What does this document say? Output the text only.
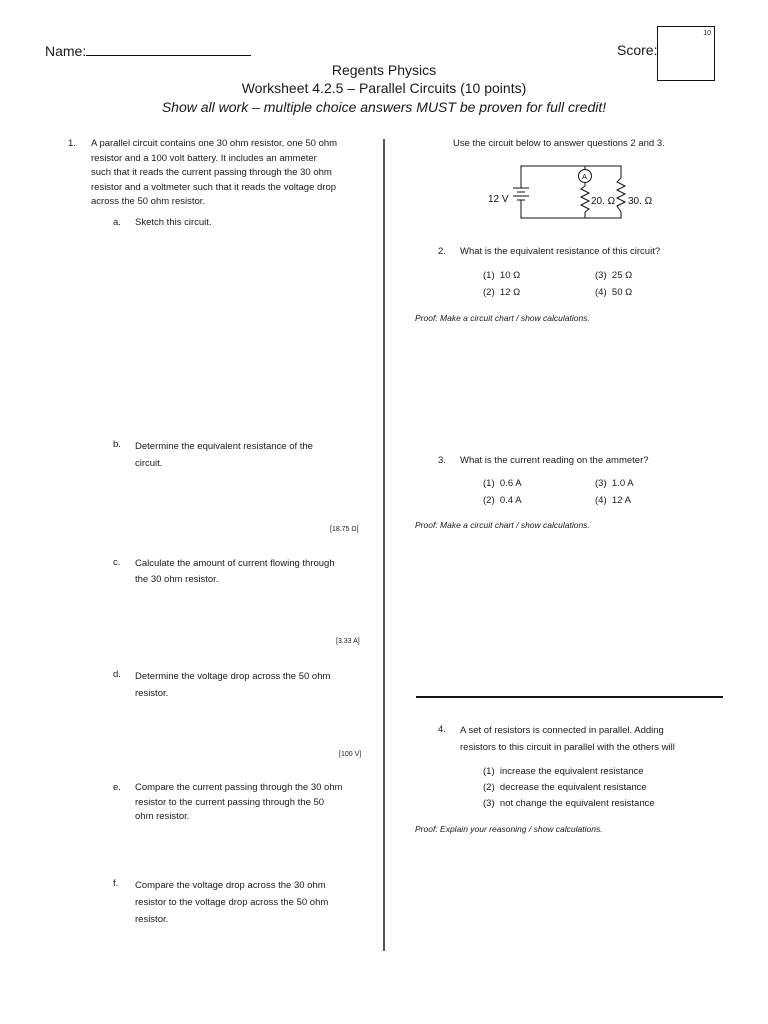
Name:	Score:
10
Regents Physics
Worksheet 4.2.5 – Parallel Circuits (10 points)
Show all work – multiple choice answers MUST be proven for full credit!
1. A parallel circuit contains one 30 ohm resistor, one 50 ohm
resistor and a 100 volt battery. It includes an ammeter
such that it reads the current passing through the 30 ohm
resistor and a voltmeter such that it reads the voltage drop
across the 50 ohm resistor.
a. Sketch this circuit.
b. Determine the equivalent resistance of the
circuit.
[18.75 Ω]
c. Calculate the amount of current flowing through
the 30 ohm resistor.
[3.33 A]
d. Determine the voltage drop across the 50 ohm
resistor.
[100 V]
e. Compare the current passing through the 30 ohm
resistor to the current passing through the 50
ohm resistor.
f. Compare the voltage drop across the 30 ohm
resistor to the voltage drop across the 50 ohm
resistor.
Use the circuit below to answer questions 2 and 3.
12 V
A
20. Ω 30. Ω
2. What is the equivalent resistance of this circuit?
(1) 10 Ω	(3) 25 Ω
(2) 12 Ω	(4) 50 Ω
Proof: Make a circuit chart / show calculations.
3. What is the current reading on the ammeter?
(1) 0.6 A	(3) 1.0 A
(2) 0.4 A	(4) 12 A
Proof: Make a circuit chart / show calculations.
4. A set of resistors is connected in parallel. Adding
resistors to this circuit in parallel with the others will
(1) increase the equivalent resistance
(2) decrease the equivalent resistance
(3) not change the equivalent resistance
Proof: Explain your reasoning / show calculations.
